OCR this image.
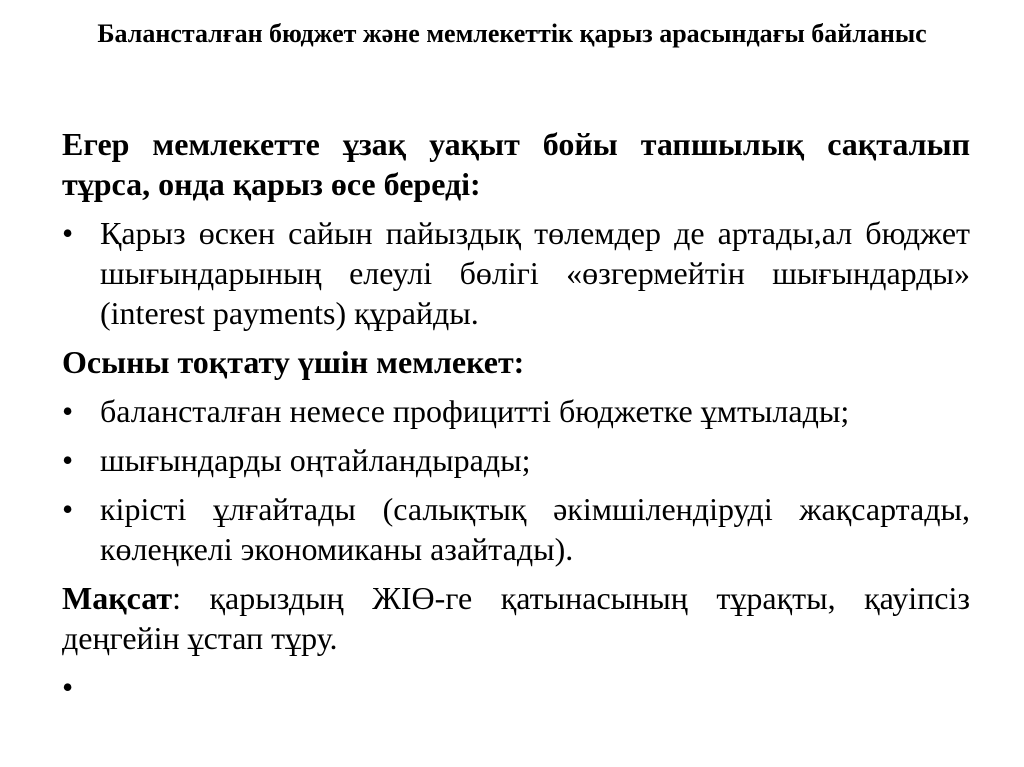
Балансталған бюджет және мемлекеттік қарыз арасындағы байланыс

Егер мемлекетте ұзақ уақыт бойы тапшылық сақталып тұрса, онда қарыз өсе береді:

• Қарыз өскен сайын пайыздық төлемдер де артады,ал бюджет шығындарының елеулі бөлігі «өзгермейтін шығындарды» (interest payments) құрайды.

Осыны тоқтату үшін мемлекет:

• балансталған немесе профицитті бюджетке ұмтылады;
• шығындарды оңтайландырады;
• кірісті ұлғайтады (салықтық әкімшілендіруді жақсартады, көлеңкелі экономиканы азайтады).

Мақсат: қарыздың ЖІӨ-ге қатынасының тұрақты, қауіпсіз деңгейін ұстап тұру.

•
